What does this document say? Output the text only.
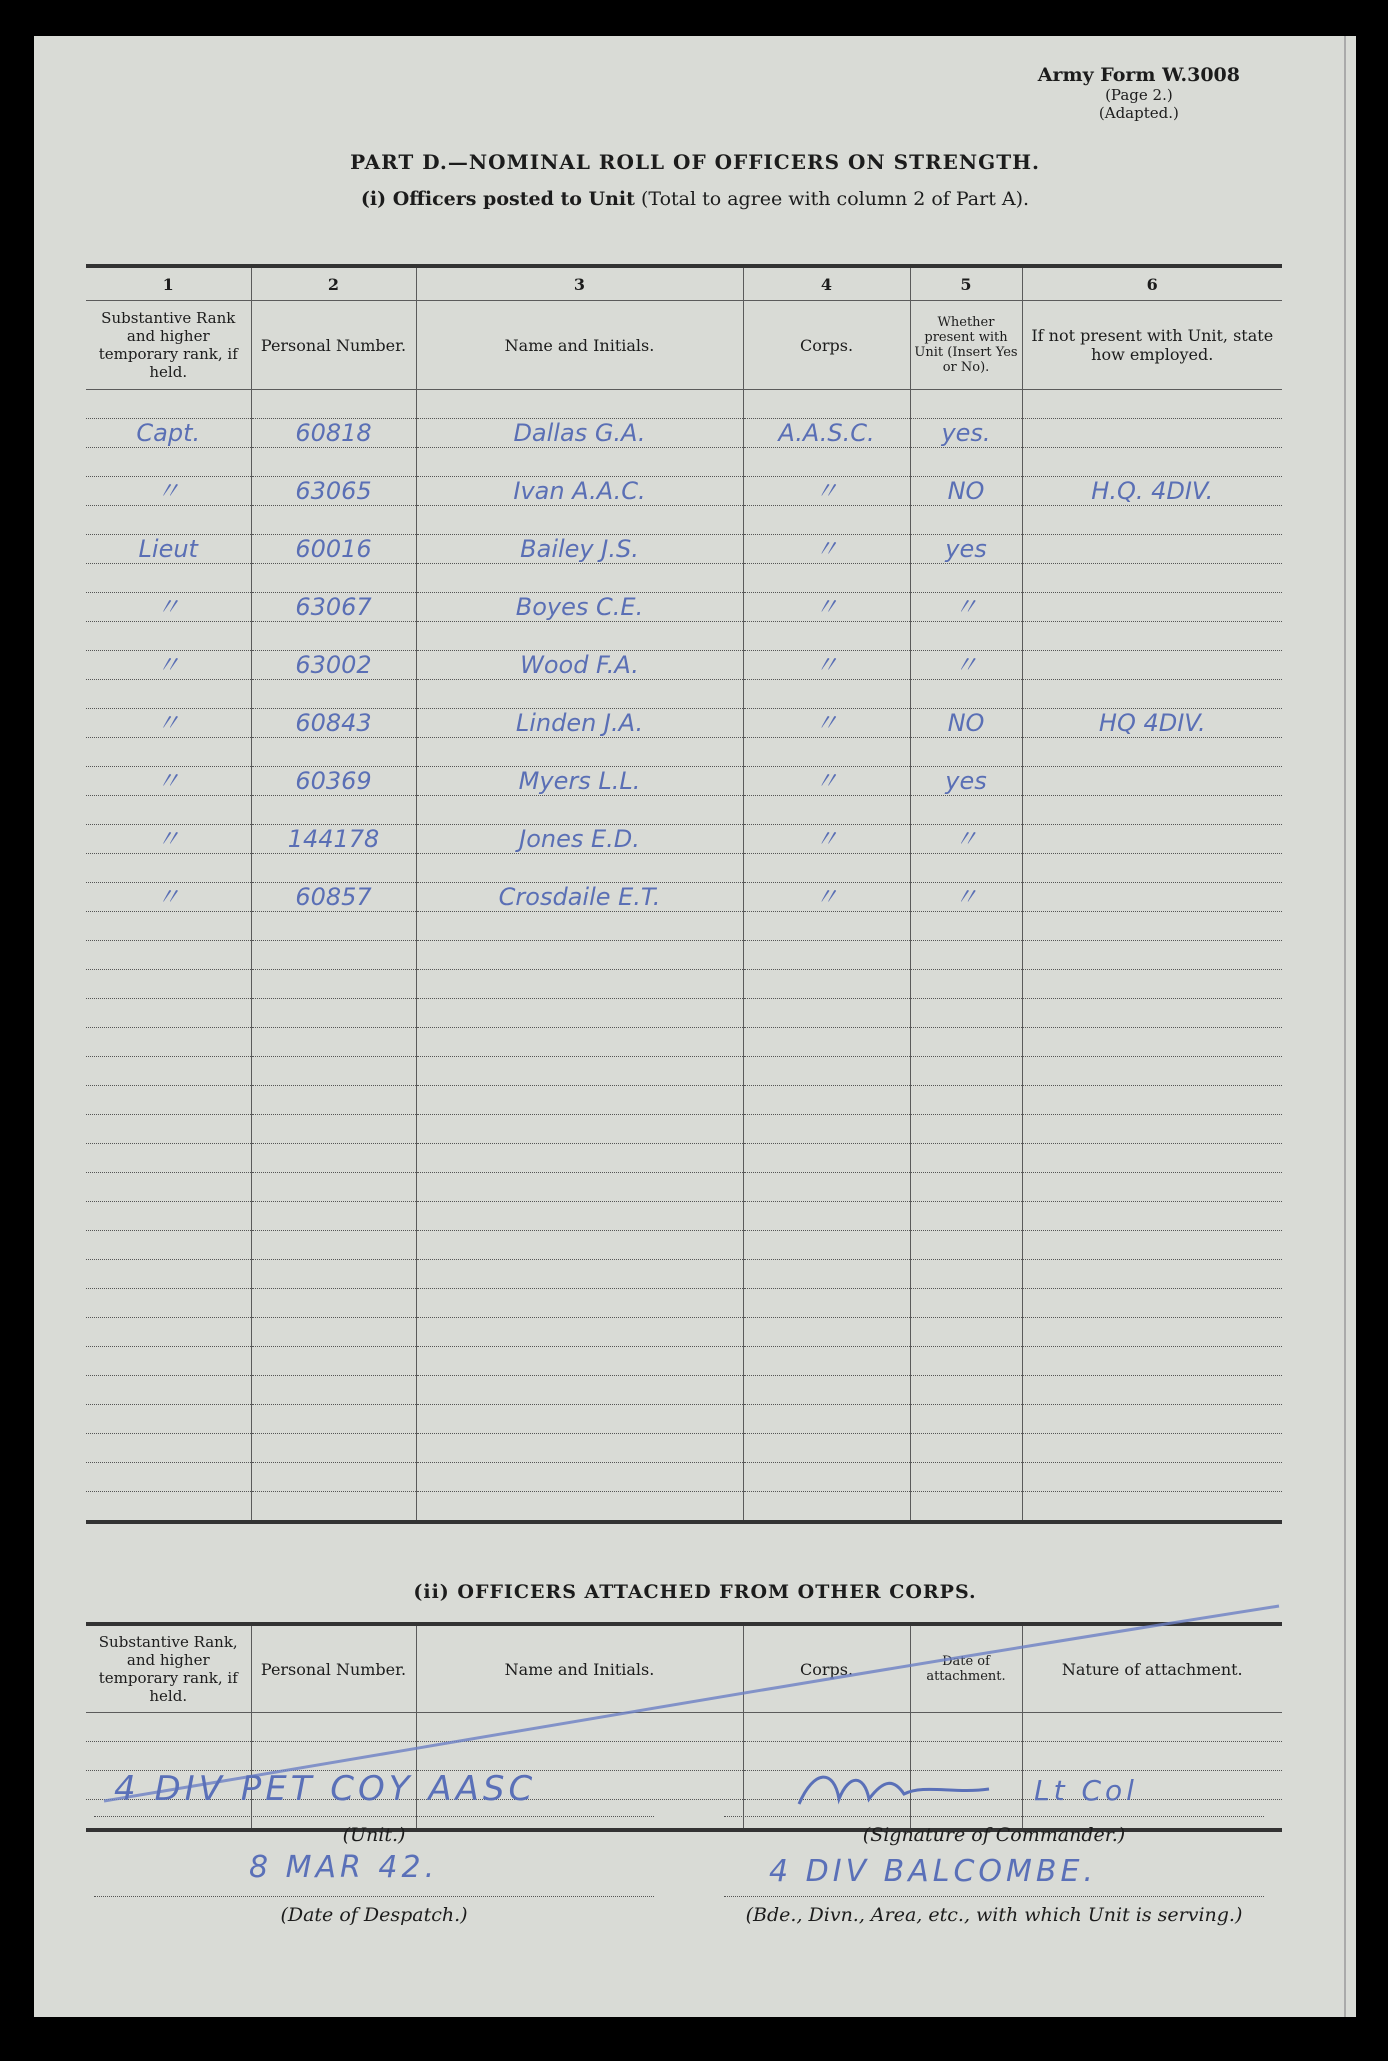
Army Form W.3008
(Page 2.)
(Adapted.)
PART D.—NOMINAL ROLL OF OFFICERS ON STRENGTH.
(i) Officers posted to Unit (Total to agree with column 2 of Part A).
1	2	3	4	5	6
Substantive Rank and higher temporary rank, if held.	Personal Number.	Name and Initials.	Corps.	Whether present with Unit (Insert Yes or No).	If not present with Unit, state how employed.

Capt.	60818	Dallas G.A.	A.A.S.C.	yes.	

〃	63065	Ivan A.A.C.	〃	NO	H.Q. 4DIV.

Lieut	60016	Bailey J.S.	〃	yes	

〃	63067	Boyes C.E.	〃	〃	

〃	63002	Wood F.A.	〃	〃	

〃	60843	Linden J.A.	〃	NO	HQ 4DIV.

〃	60369	Myers L.L.	〃	yes	

〃	144178	Jones E.D.	〃	〃	

〃	60857	Crosdaile E.T.	〃	〃	

(ii) OFFICERS ATTACHED FROM OTHER CORPS.
Substantive Rank, and higher temporary rank, if held.	Personal Number.	Name and Initials.	Corps.	Date of attachment.	Nature of attachment.

4 DIV PET COY AASC
(Unit.)
Lt Col
(Signature of Commander.)
8 MAR 42.
(Date of Despatch.)
4 DIV BALCOMBE.
(Bde., Divn., Area, etc., with which Unit is serving.)
